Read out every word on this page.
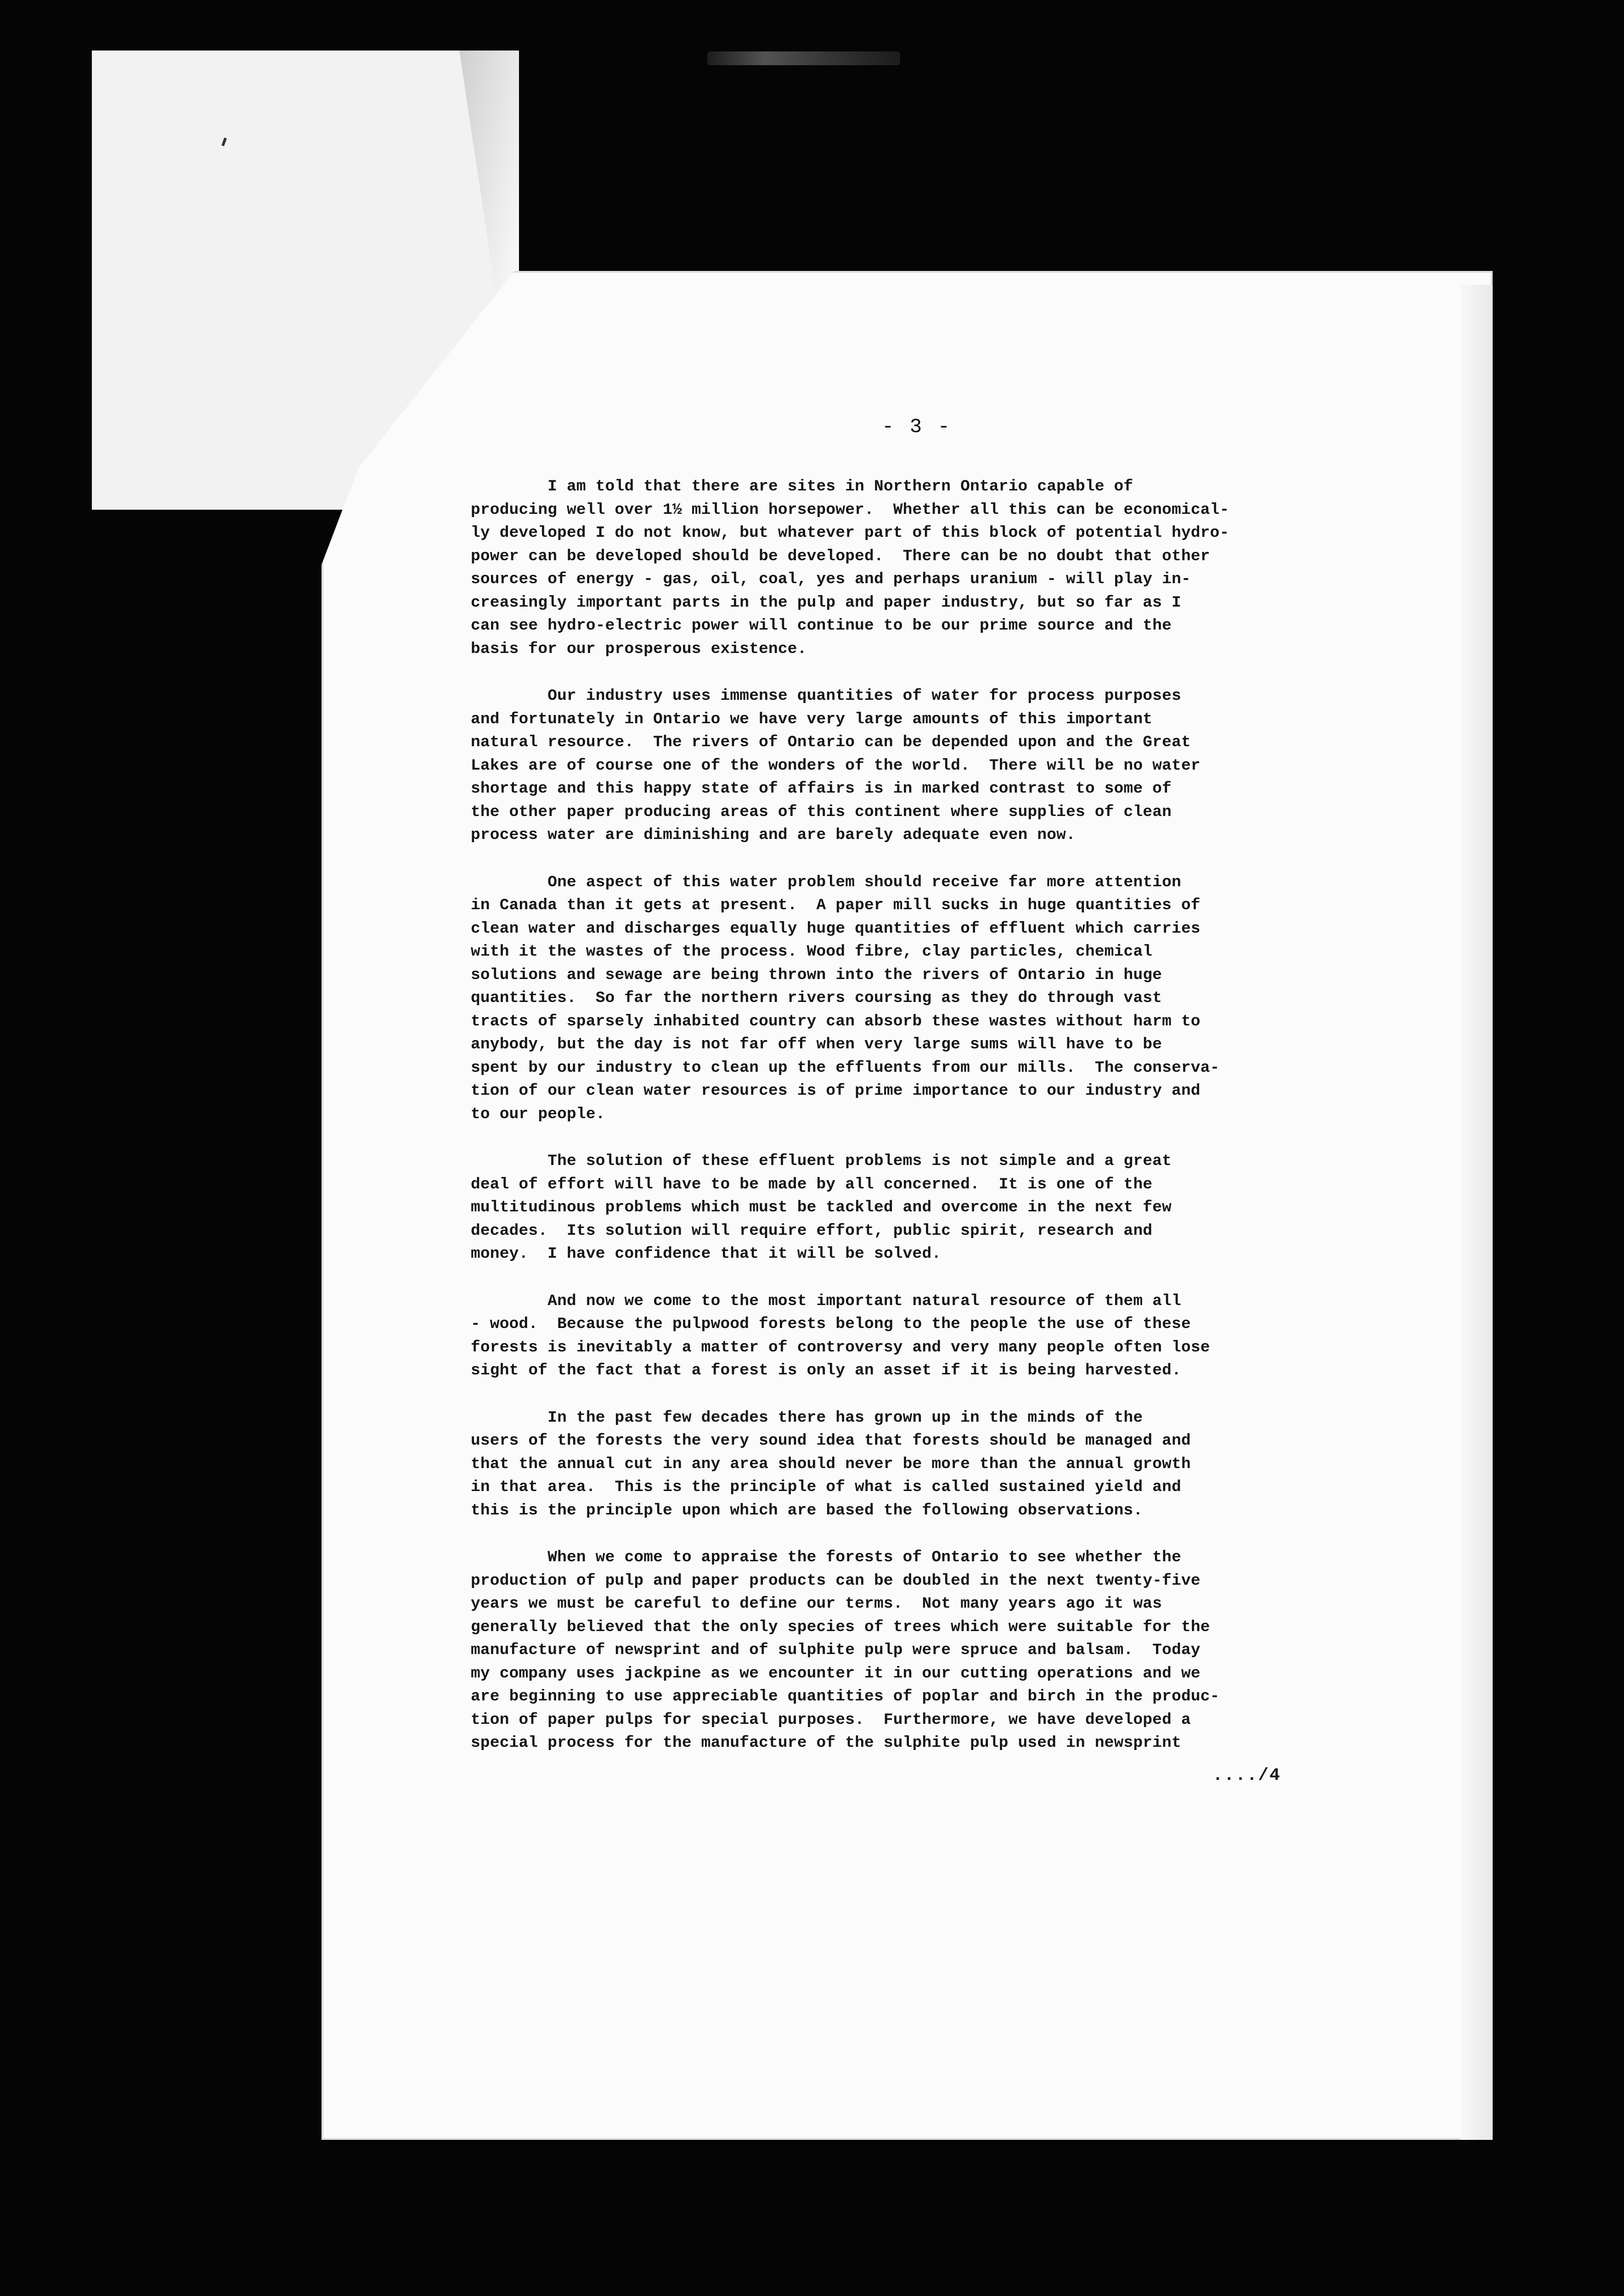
- 3 -
I am told that there are sites in Northern Ontario capable of
producing well over 1½ million horsepower.  Whether all this can be economical-
ly developed I do not know, but whatever part of this block of potential hydro-
power can be developed should be developed.  There can be no doubt that other
sources of energy - gas, oil, coal, yes and perhaps uranium - will play in-
creasingly important parts in the pulp and paper industry, but so far as I
can see hydro-electric power will continue to be our prime source and the
basis for our prosperous existence.
Our industry uses immense quantities of water for process purposes
and fortunately in Ontario we have very large amounts of this important
natural resource.  The rivers of Ontario can be depended upon and the Great
Lakes are of course one of the wonders of the world.  There will be no water
shortage and this happy state of affairs is in marked contrast to some of
the other paper producing areas of this continent where supplies of clean
process water are diminishing and are barely adequate even now.
One aspect of this water problem should receive far more attention
in Canada than it gets at present.  A paper mill sucks in huge quantities of
clean water and discharges equally huge quantities of effluent which carries
with it the wastes of the process. Wood fibre, clay particles, chemical
solutions and sewage are being thrown into the rivers of Ontario in huge
quantities.  So far the northern rivers coursing as they do through vast
tracts of sparsely inhabited country can absorb these wastes without harm to
anybody, but the day is not far off when very large sums will have to be
spent by our industry to clean up the effluents from our mills.  The conserva-
tion of our clean water resources is of prime importance to our industry and
to our people.
The solution of these effluent problems is not simple and a great
deal of effort will have to be made by all concerned.  It is one of the
multitudinous problems which must be tackled and overcome in the next few
decades.  Its solution will require effort, public spirit, research and
money.  I have confidence that it will be solved.
And now we come to the most important natural resource of them all
- wood.  Because the pulpwood forests belong to the people the use of these
forests is inevitably a matter of controversy and very many people often lose
sight of the fact that a forest is only an asset if it is being harvested.
In the past few decades there has grown up in the minds of the
users of the forests the very sound idea that forests should be managed and
that the annual cut in any area should never be more than the annual growth
in that area.  This is the principle of what is called sustained yield and
this is the principle upon which are based the following observations.
When we come to appraise the forests of Ontario to see whether the
production of pulp and paper products can be doubled in the next twenty-five
years we must be careful to define our terms.  Not many years ago it was
generally believed that the only species of trees which were suitable for the
manufacture of newsprint and of sulphite pulp were spruce and balsam.  Today
my company uses jackpine as we encounter it in our cutting operations and we
are beginning to use appreciable quantities of poplar and birch in the produc-
tion of paper pulps for special purposes.  Furthermore, we have developed a
special process for the manufacture of the sulphite pulp used in newsprint
..../4
